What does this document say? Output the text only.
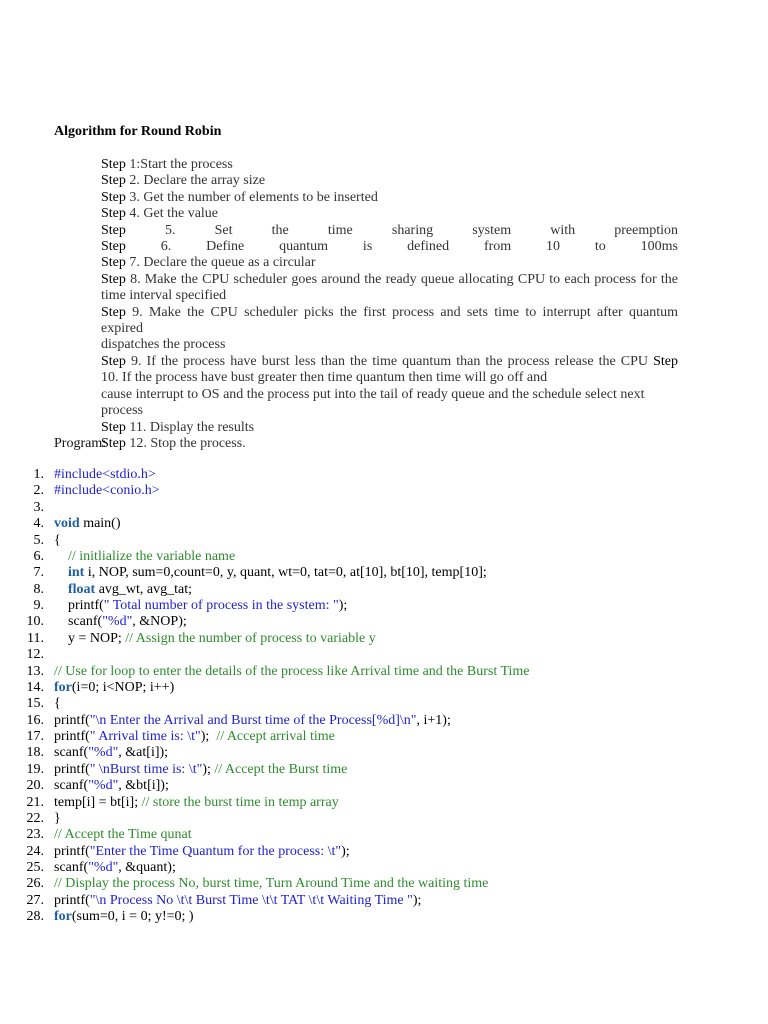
Algorithm for Round Robin
Step 1:Start the process
Step 2. Declare the array size
Step 3. Get the number of elements to be inserted
Step 4. Get the value
Step 5. Set the time sharing system with preemption
Step 6. Define quantum is defined from 10 to 100ms
Step 7. Declare the queue as a circular
Step 8. Make the CPU scheduler goes around the ready queue allocating CPU to each process for the
time interval specified
Step 9. Make the CPU scheduler picks the first process and sets time to interrupt after quantum expired
dispatches the process
Step 9. If the process have burst less than the time quantum than the process release the CPU Step
10. If the process have bust greater then time quantum then time will go off and
cause interrupt to OS and the process put into the tail of ready queue and the schedule select next
process
Step 11. Display the results
Step 12. Stop the process.
Program:
1. #include<stdio.h>
2. #include<conio.h>
3.
4. void main()
5. {
6. // initlialize the variable name
7.	int i, NOP, sum=0,count=0, y, quant, wt=0, tat=0, at[10], bt[10], temp[10];
8.	float avg_wt, avg_tat;
9. printf(" Total number of process in the system: ");
10. scanf("%d", &NOP);
11. y = NOP; // Assign the number of process to variable y
12.
13. // Use for loop to enter the details of the process like Arrival time and the Burst Time
14. for(i=0; i<NOP; i++)
15. {
16. printf("\n Enter the Arrival and Burst time of the Process[%d]\n", i+1);
17. printf(" Arrival time is: \t");  // Accept arrival time
18. scanf("%d", &at[i]);
19. printf(" \nBurst time is: \t"); // Accept the Burst time
20. scanf("%d", &bt[i]);
21. temp[i] = bt[i]; // store the burst time in temp array
22. }
23. // Accept the Time qunat
24. printf("Enter the Time Quantum for the process: \t");
25. scanf("%d", &quant);
26. // Display the process No, burst time, Turn Around Time and the waiting time
27. printf("\n Process No \t\t Burst Time \t\t TAT \t\t Waiting Time ");
28. for(sum=0, i = 0; y!=0; )
